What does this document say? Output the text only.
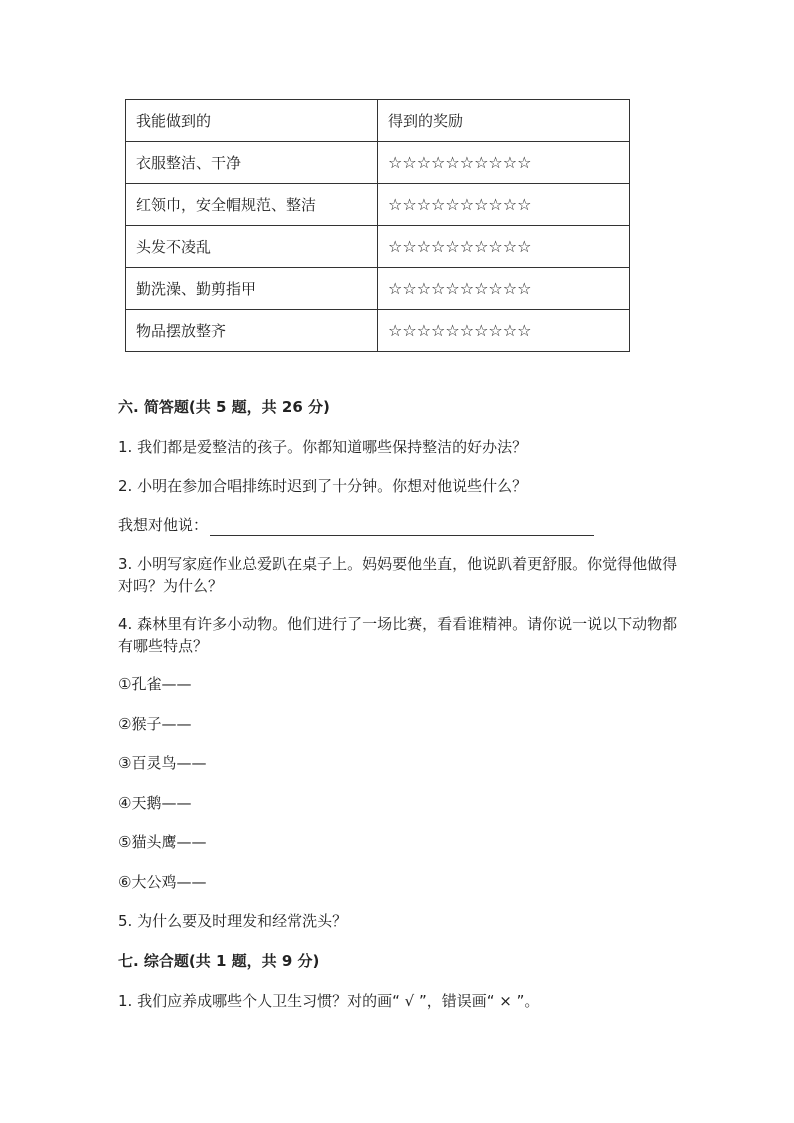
我能做到的	得到的奖励
衣服整洁、干净	☆☆☆☆☆☆☆☆☆☆
红领巾，安全帽规范、整洁	☆☆☆☆☆☆☆☆☆☆
头发不凌乱	☆☆☆☆☆☆☆☆☆☆
勤洗澡、勤剪指甲	☆☆☆☆☆☆☆☆☆☆
物品摆放整齐	☆☆☆☆☆☆☆☆☆☆
六. 简答题(共 5 题，共 26 分)
1. 我们都是爱整洁的孩子。你都知道哪些保持整洁的好办法？
2. 小明在参加合唱排练时迟到了十分钟。你想对他说些什么？
我想对他说：
3. 小明写家庭作业总爱趴在桌子上。妈妈要他坐直，他说趴着更舒服。你觉得他做得对吗？为什么？
4. 森林里有许多小动物。他们进行了一场比赛，看看谁精神。请你说一说以下动物都有哪些特点？
①孔雀——
②猴子——
③百灵鸟——
④天鹅——
⑤猫头鹰——
⑥大公鸡——
5. 为什么要及时理发和经常洗头？
七. 综合题(共 1 题，共 9 分)
1. 我们应养成哪些个人卫生习惯？对的画“ √ ”，错误画“ × ”。
